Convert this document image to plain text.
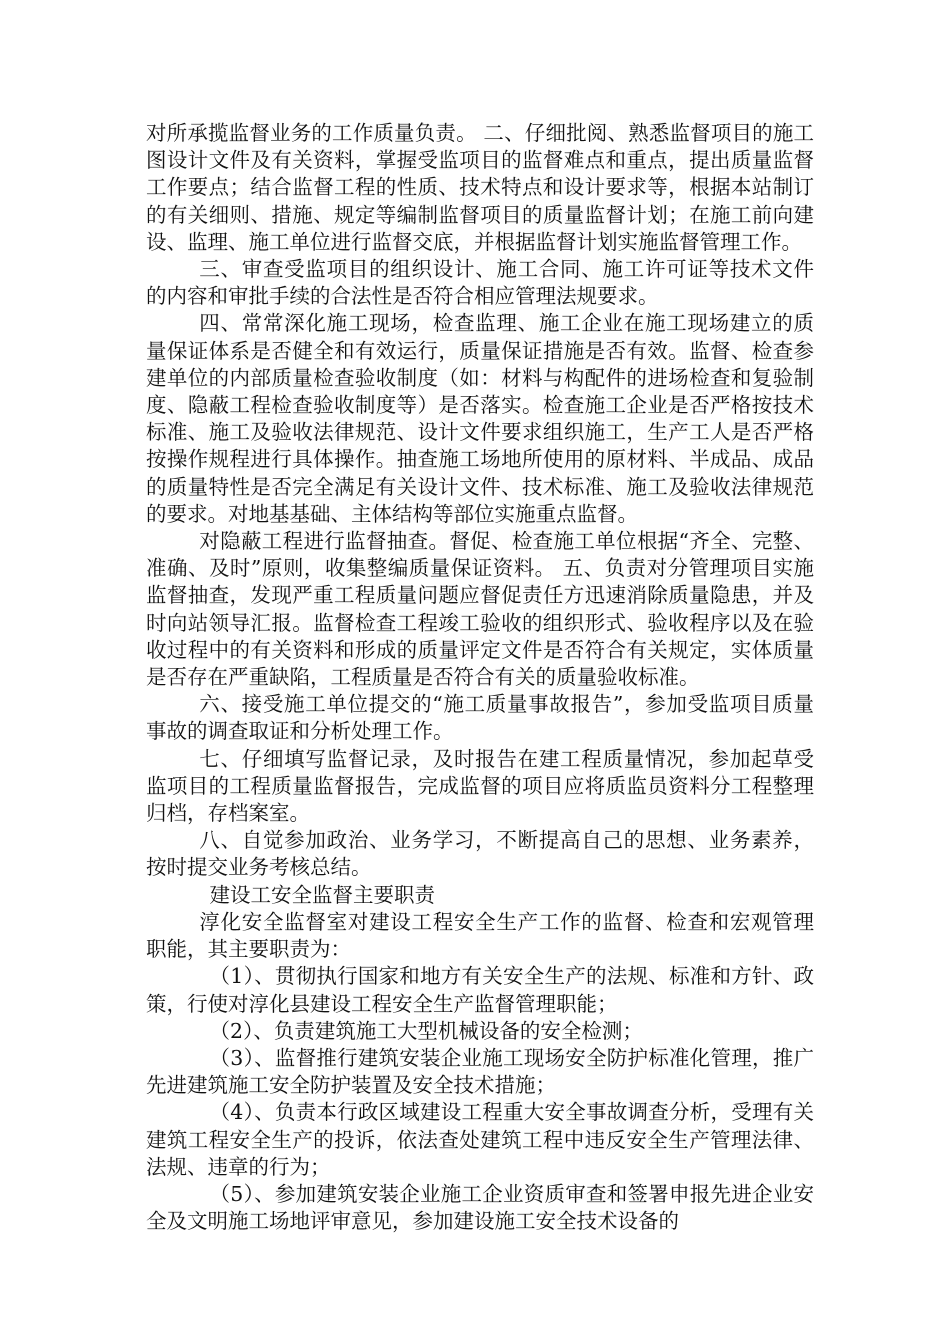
对所承揽监督业务的工作质量负责。 二、仔细批阅、熟悉监督项目的施工图设计文件及有关资料，掌握受监项目的监督难点和重点，提出质量监督工作要点；结合监督工程的性质、技术特点和设计要求等，根据本站制订的有关细则、措施、规定等编制监督项目的质量监督计划；在施工前向建设、监理、施工单位进行监督交底，并根据监督计划实施监督管理工作。

三、审查受监项目的组织设计、施工合同、施工许可证等技术文件的内容和审批手续的合法性是否符合相应管理法规要求。

四、常常深化施工现场，检查监理、施工企业在施工现场建立的质量保证体系是否健全和有效运行，质量保证措施是否有效。监督、检查参建单位的内部质量检查验收制度（如：材料与构配件的进场检查和复验制度、隐蔽工程检查验收制度等）是否落实。检查施工企业是否严格按技术标准、施工及验收法律规范、设计文件要求组织施工，生产工人是否严格按操作规程进行具体操作。抽查施工场地所使用的原材料、半成品、成品的质量特性是否完全满足有关设计文件、技术标准、施工及验收法律规范的要求。对地基基础、主体结构等部位实施重点监督。

对隐蔽工程进行监督抽查。督促、检查施工单位根据“齐全、完整、准确、及时”原则，收集整编质量保证资料。 五、负责对分管理项目实施监督抽查，发现严重工程质量问题应督促责任方迅速消除质量隐患，并及时向站领导汇报。监督检查工程竣工验收的组织形式、验收程序以及在验收过程中的有关资料和形成的质量评定文件是否符合有关规定，实体质量是否存在严重缺陷，工程质量是否符合有关的质量验收标准。

六、接受施工单位提交的“施工质量事故报告”，参加受监项目质量事故的调查取证和分析处理工作。

七、仔细填写监督记录，及时报告在建工程质量情况，参加起草受监项目的工程质量监督报告，完成监督的项目应将质监员资料分工程整理归档，存档案室。

八、自觉参加政治、业务学习，不断提高自己的思想、业务素养，按时提交业务考核总结。

建设工安全监督主要职责

淳化安全监督室对建设工程安全生产工作的监督、检查和宏观管理职能，其主要职责为：

（1）、贯彻执行国家和地方有关安全生产的法规、标准和方针、政策，行使对淳化县建设工程安全生产监督管理职能；

（2）、负责建筑施工大型机械设备的安全检测；

（3）、监督推行建筑安装企业施工现场安全防护标准化管理，推广先进建筑施工安全防护装置及安全技术措施；

（4）、负责本行政区域建设工程重大安全事故调查分析，受理有关建筑工程安全生产的投诉，依法查处建筑工程中违反安全生产管理法律、法规、违章的行为；

（5）、参加建筑安装企业施工企业资质审查和签署申报先进企业安全及文明施工场地评审意见，参加建设施工安全技术设备的
